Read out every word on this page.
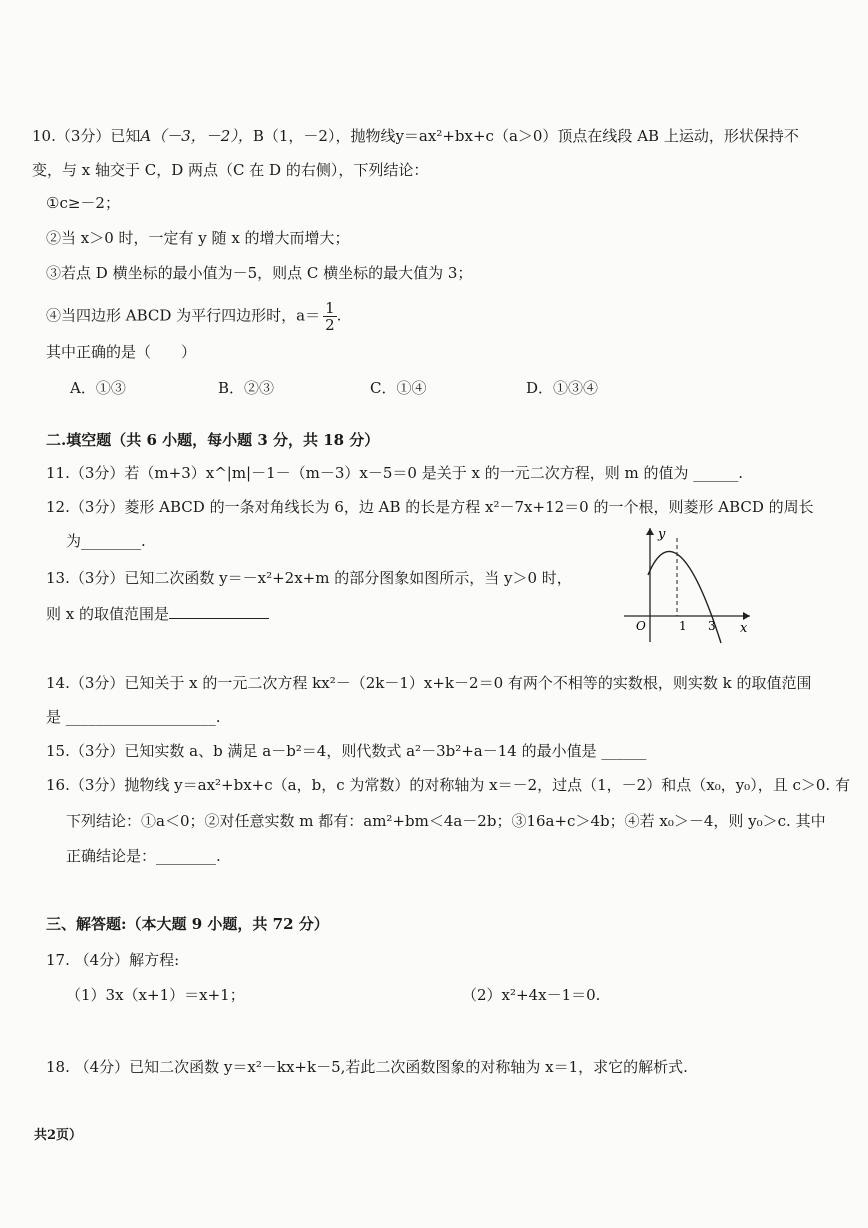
10.（3分）已知A（－3，－2），B（1，－2），抛物线y＝ax²+bx+c（a＞0）顶点在线段 AB 上运动，形状保持不
变，与 x 轴交于 C，D 两点（C 在 D 的右侧），下列结论：
①c≥－2；
②当 x＞0 时，一定有 y 随 x 的增大而增大；
③若点 D 横坐标的最小值为－5，则点 C 横坐标的最大值为 3；
④当四边形 ABCD 为平行四边形时，$a= \frac{1}{2}$ .
其中正确的是（　　）
A．①③	B．②③	C．①④	D．①③④
二.填空题（共 6 小题，每小题 3 分，共 18 分）
11.（3分）若（m+3）x^|m|－1－（m－3）x－5＝0 是关于 x 的一元二次方程，则 m 的值为 ______.
12.（3分）菱形 ABCD 的一条对角线长为 6，边 AB 的长是方程 x²－7x+12＝0 的一个根，则菱形 ABCD 的周长
为________.
13.（3分）已知二次函数 y＝－x²+2x+m 的部分图象如图所示，当 y＞0 时，
则 x 的取值范围是
y
x
O	1 3
14.（3分）已知关于 x 的一元二次方程 kx²－（2k－1）x+k－2＝0 有两个不相等的实数根，则实数 k 的取值范围
是 ____________________.
15.（3分）已知实数 a、b 满足 a－b²＝4，则代数式 a²－3b²+a－14 的最小值是 ______
16.（3分）抛物线 y＝ax²+bx+c（a，b，c 为常数）的对称轴为 x＝－2，过点（1，－2）和点（x₀，y₀），且 c＞0. 有
下列结论：①a＜0；②对任意实数 m 都有：am²+bm＜4a－2b；③16a+c＞4b；④若 x₀＞－4，则 y₀＞c. 其中
正确结论是：________.
三、解答题:（本大题 9 小题，共 72 分）
17. （4分）解方程:
（1）3x（x+1）＝x+1；	（2）x²+4x－1＝0.
18. （4分）已知二次函数 y＝x²－kx+k－5,若此二次函数图象的对称轴为 x＝1，求它的解析式.
共2页）
